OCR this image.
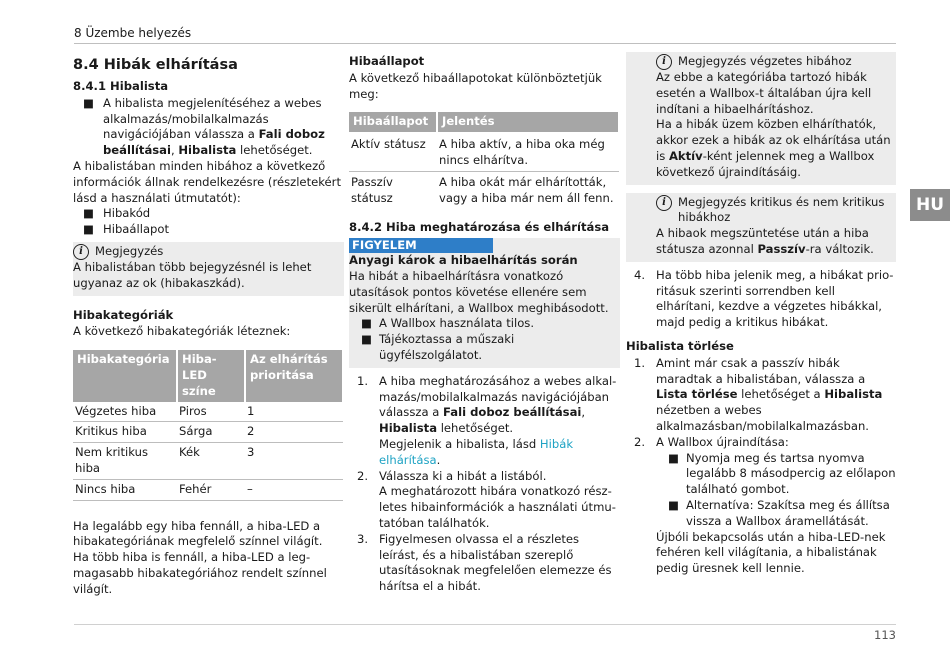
8 Üzembe helyezés
HU
8.4 Hibák elhárítása
8.4.1 Hibalista
■ A hibalista megjelenítéséhez a webes alkalmazás/mobilalkalmazás navigációjában válassza a Fali doboz beállításai, Hibalista lehetőséget.

A hibalistában minden hibához a következő információk állnak rendelkezésre (részletekért lásd a használati útmutatót):

■ Hibakód
■ Hibaállapot
i	Megjegyzés

A hibalistában több bejegyzésnél is lehet ugyanaz az ok (hibakaszkád).

Hibakategóriák

A következő hibakategóriák léteznek:

Hibakategória	Hiba-LED színe	Az elhárítás prioritása
Végzetes hiba	Piros	1
Kritikus hiba	Sárga	2
Nem kritikus hiba	Kék	3
Nincs hiba	Fehér	–

Ha legalább egy hiba fennáll, a hiba-LED a hibakategóriának megfelelő színnel világít.

Ha több hiba is fennáll, a hiba-LED a legmagasabb hibakategóriához rendelt színnel világít.

Hibaállapot

A következő hibaállapotokat különböztetjük meg:

Hibaállapot	Jelentés
Aktív státusz	A hiba aktív, a hiba oka még nincs elhárítva.
Passzív státusz	A hiba okát már elhárították, vagy a hiba már nem áll fenn.
8.4.2 Hiba meghatározása és elhárítása
FIGYELEM
Anyagi károk a hibaelhárítás során

Ha hibát a hibaelhárításra vonatkozó utasítások pontos követése ellenére sem sikerült elhárítani, a Wallbox meghibásodott.

■ A Wallbox használata tilos.
■ Tájékoztassa a műszaki ügyfélszolgálatot.
1. A hiba meghatározásához a webes alkalmazás/mobilalkalmazás navigációjában válassza a Fali doboz beállításai, Hibalista lehetőséget.

Megjelenik a hibalista, lásd Hibák elhárítása.

2. Válassza ki a hibát a listából.

A meghatározott hibára vonatkozó részletes hibainformációk a használati útmutatóban találhatók.

3. Figyelmesen olvassa el a részletes leírást, és a hibalistában szereplő utasításoknak megfelelően elemezze és hárítsa el a hibát.

i	Megjegyzés végzetes hibához

Az ebbe a kategóriába tartozó hibák esetén a Wallbox-t általában újra kell indítani a hibaelhárításhoz.

Ha a hibák üzem közben elháríthatók, akkor ezek a hibák az ok elhárítása után is Aktív-ként jelennek meg a Wallbox következő újraindításáig.

i	Megjegyzés kritikus és nem kritikus hibákhoz

A hibaok megszüntetése után a hiba státusza azonnal Passzív-ra változik.

4. Ha több hiba jelenik meg, a hibákat prioritásuk szerinti sorrendben kell elhárítani, kezdve a végzetes hibákkal, majd pedig a kritikus hibákat.

Hibalista törlése
1. Amint már csak a passzív hibák maradtak a hibalistában, válassza a Lista törlése lehetőséget a Hibalista nézetben a webes alkalmazásban/mobilalkalmazásban.

2. A Wallbox újraindítása:

■ Nyomja meg és tartsa nyomva legalább 8 másodpercig az előlapon található gombot.
■ Alternatíva: Szakítsa meg és állítsa vissza a Wallbox áramellátását.

Újbóli bekapcsolás után a hiba-LED-nek fehéren kell világítania, a hibalistának pedig üresnek kell lennie.

113
